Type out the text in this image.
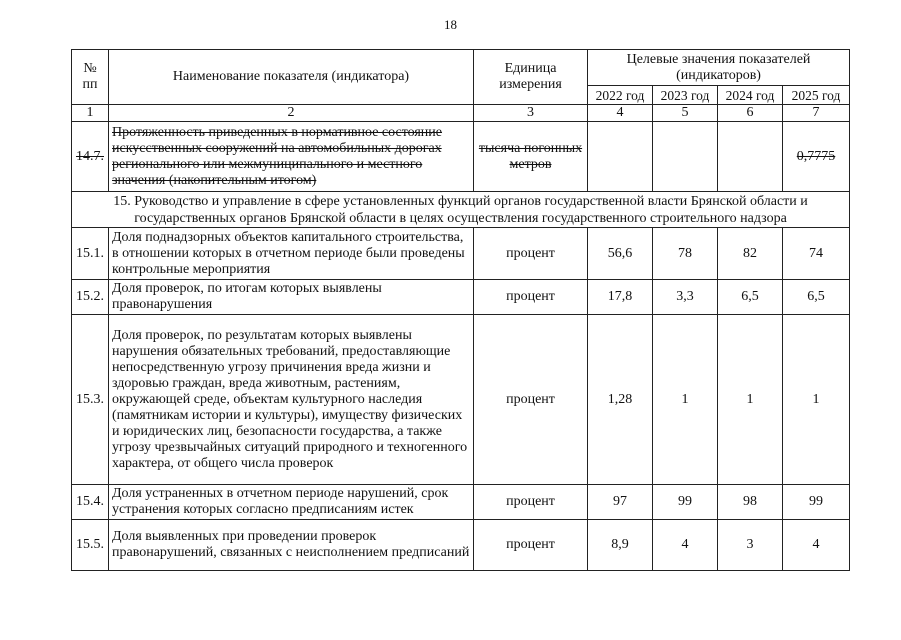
18
№ пп	Наименование показателя (индикатора)	Единица измерения	Целевые значения показателей (индикаторов)			
			2022 год	2023 год	2024 год	2025 год
1	2	3	4	5	6	7
14.7.	Протяженность приведенных в нормативное состояние искусственных сооружений на автомобильных дорогах регионального или межмуниципального и местного значения (накопительным итогом)	тысяча погонных метров				0,7775
15. Руководство и управление в сфере установленных функций органов государственной власти Брянской области и государственных органов Брянской области в целях осуществления государственного строительного надзора						
15.1.	Доля поднадзорных объектов капитального строительства, в отношении которых в отчетном периоде были проведены контрольные мероприятия	процент	56,6	78	82	74
15.2.	Доля проверок, по итогам которых выявлены правонарушения	процент	17,8	3,3	6,5	6,5
15.3.	Доля проверок, по результатам которых выявлены нарушения обязательных требований, предоставляющие непосредственную угрозу причинения вреда жизни и здоровью граждан, вреда животным, растениям, окружающей среде, объектам культурного наследия (памятникам истории и культуры), имуществу физических и юридических лиц, безопасности государства, а также угрозу чрезвычайных ситуаций природного и техногенного характера, от общего числа проверок	процент	1,28	1	1	1
15.4.	Доля устраненных в отчетном периоде нарушений, срок устранения которых согласно предписаниям истек	процент	97	99	98	99
15.5.	Доля выявленных при проведении проверок правонарушений, связанных с неисполнением предписаний	процент	8,9	4	3	4
